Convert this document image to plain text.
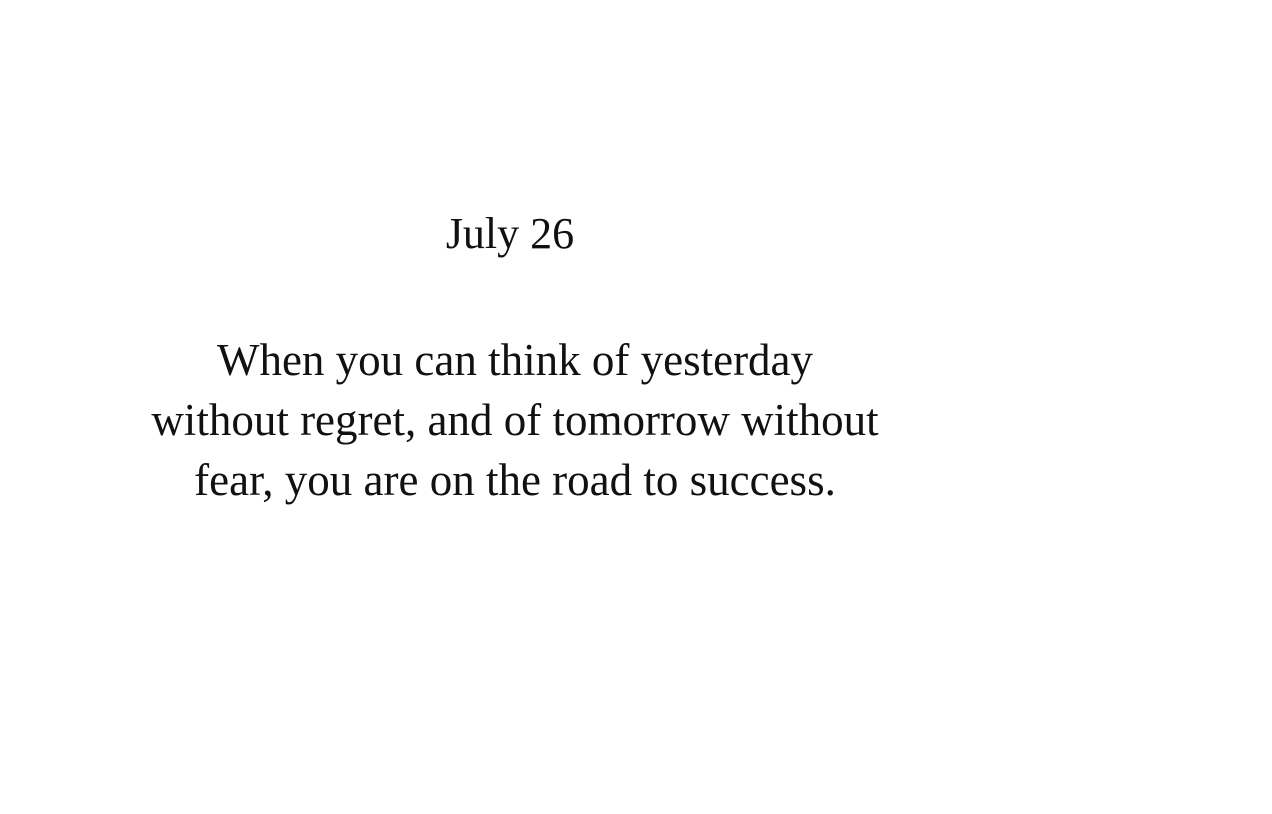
July 26
When you can think of yesterday
without regret, and of tomorrow without
fear, you are on the road to success.
